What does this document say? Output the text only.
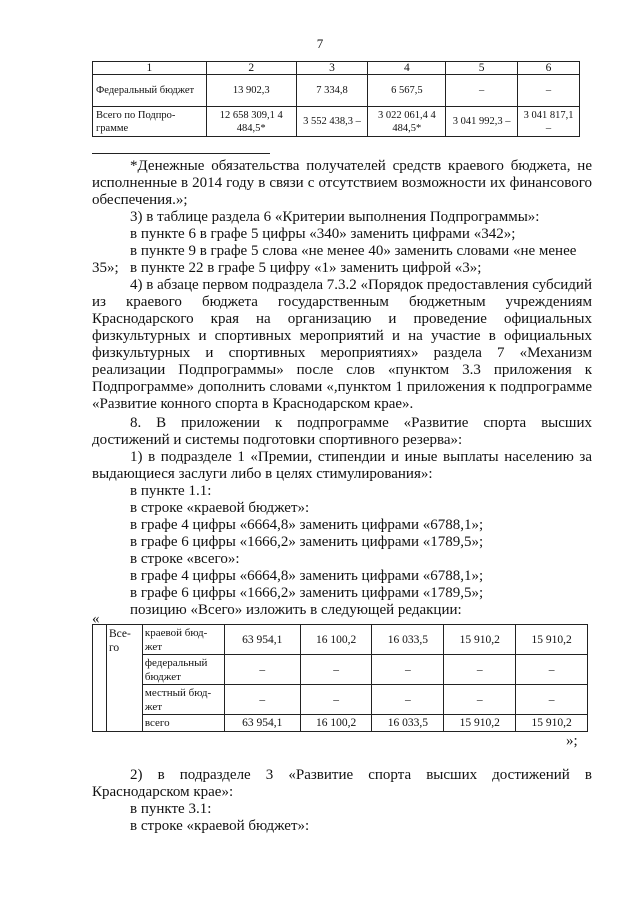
7
1	2	3	4	5	6
Федеральный бюджет	13 902,3	7 334,8	6 567,5	–	–
Всего по Подпро-грамме	12 658 309,1 4 484,5*	3 552 438,3 –	3 022 061,4 4 484,5*	3 041 992,3 –	3 041 817,1 –

*Денежные обязательства получателей средств краевого бюджета, не исполненные в 2014 году в связи с отсутствием возможности их финансового обеспечения.»;

3) в таблице раздела 6 «Критерии выполнения Подпрограммы»:

в пункте 6 в графе 5 цифры «340» заменить цифрами «342»;

в пункте 9 в графе 5 слова «не менее 40» заменить словами «не менее 35»; в пункте 22 в графе 5 цифру «1» заменить цифрой «3»;

4) в абзаце первом подраздела 7.3.2 «Порядок предоставления субсидий из краевого бюджета государственным бюджетным учреждениям Краснодарского края на организацию и проведение официальных физкультурных и спортивных мероприятий и на участие в официальных физкультурных и спортивных мероприятиях» раздела 7 «Механизм реализации Подпрограммы» после слов «пунктом 3.3 приложения к Подпрограмме» дополнить словами «,пунктом 1 приложения к подпрограмме «Развитие конного спорта в Краснодарском крае».

8. В приложении к подпрограмме «Развитие спорта высших достижений и системы подготовки спортивного резерва»:

1) в подразделе 1 «Премии, стипендии и иные выплаты населению за выдающиеся заслуги либо в целях стимулирования»:

в пункте 1.1:

в строке «краевой бюджет»:

в графе 4 цифры «6664,8» заменить цифрами «6788,1»;

в графе 6 цифры «1666,2» заменить цифрами «1789,5»;

в строке «всего»:

в графе 4 цифры «6664,8» заменить цифрами «6788,1»;

в графе 6 цифры «1666,2» заменить цифрами «1789,5»;

позицию «Всего» изложить в следующей редакции:

«
	Все-го	краевой бюд-жет	63 954,1	16 100,2	16 033,5	15 910,2	15 910,2
		федеральный бюджет	–	–	–	–	–
		местный бюд-жет	–	–	–	–	–
		всего	63 954,1	16 100,2	16 033,5	15 910,2	15 910,2
»;

2) в подразделе 3 «Развитие спорта высших достижений в Краснодарском крае»:

в пункте 3.1:

в строке «краевой бюджет»:
